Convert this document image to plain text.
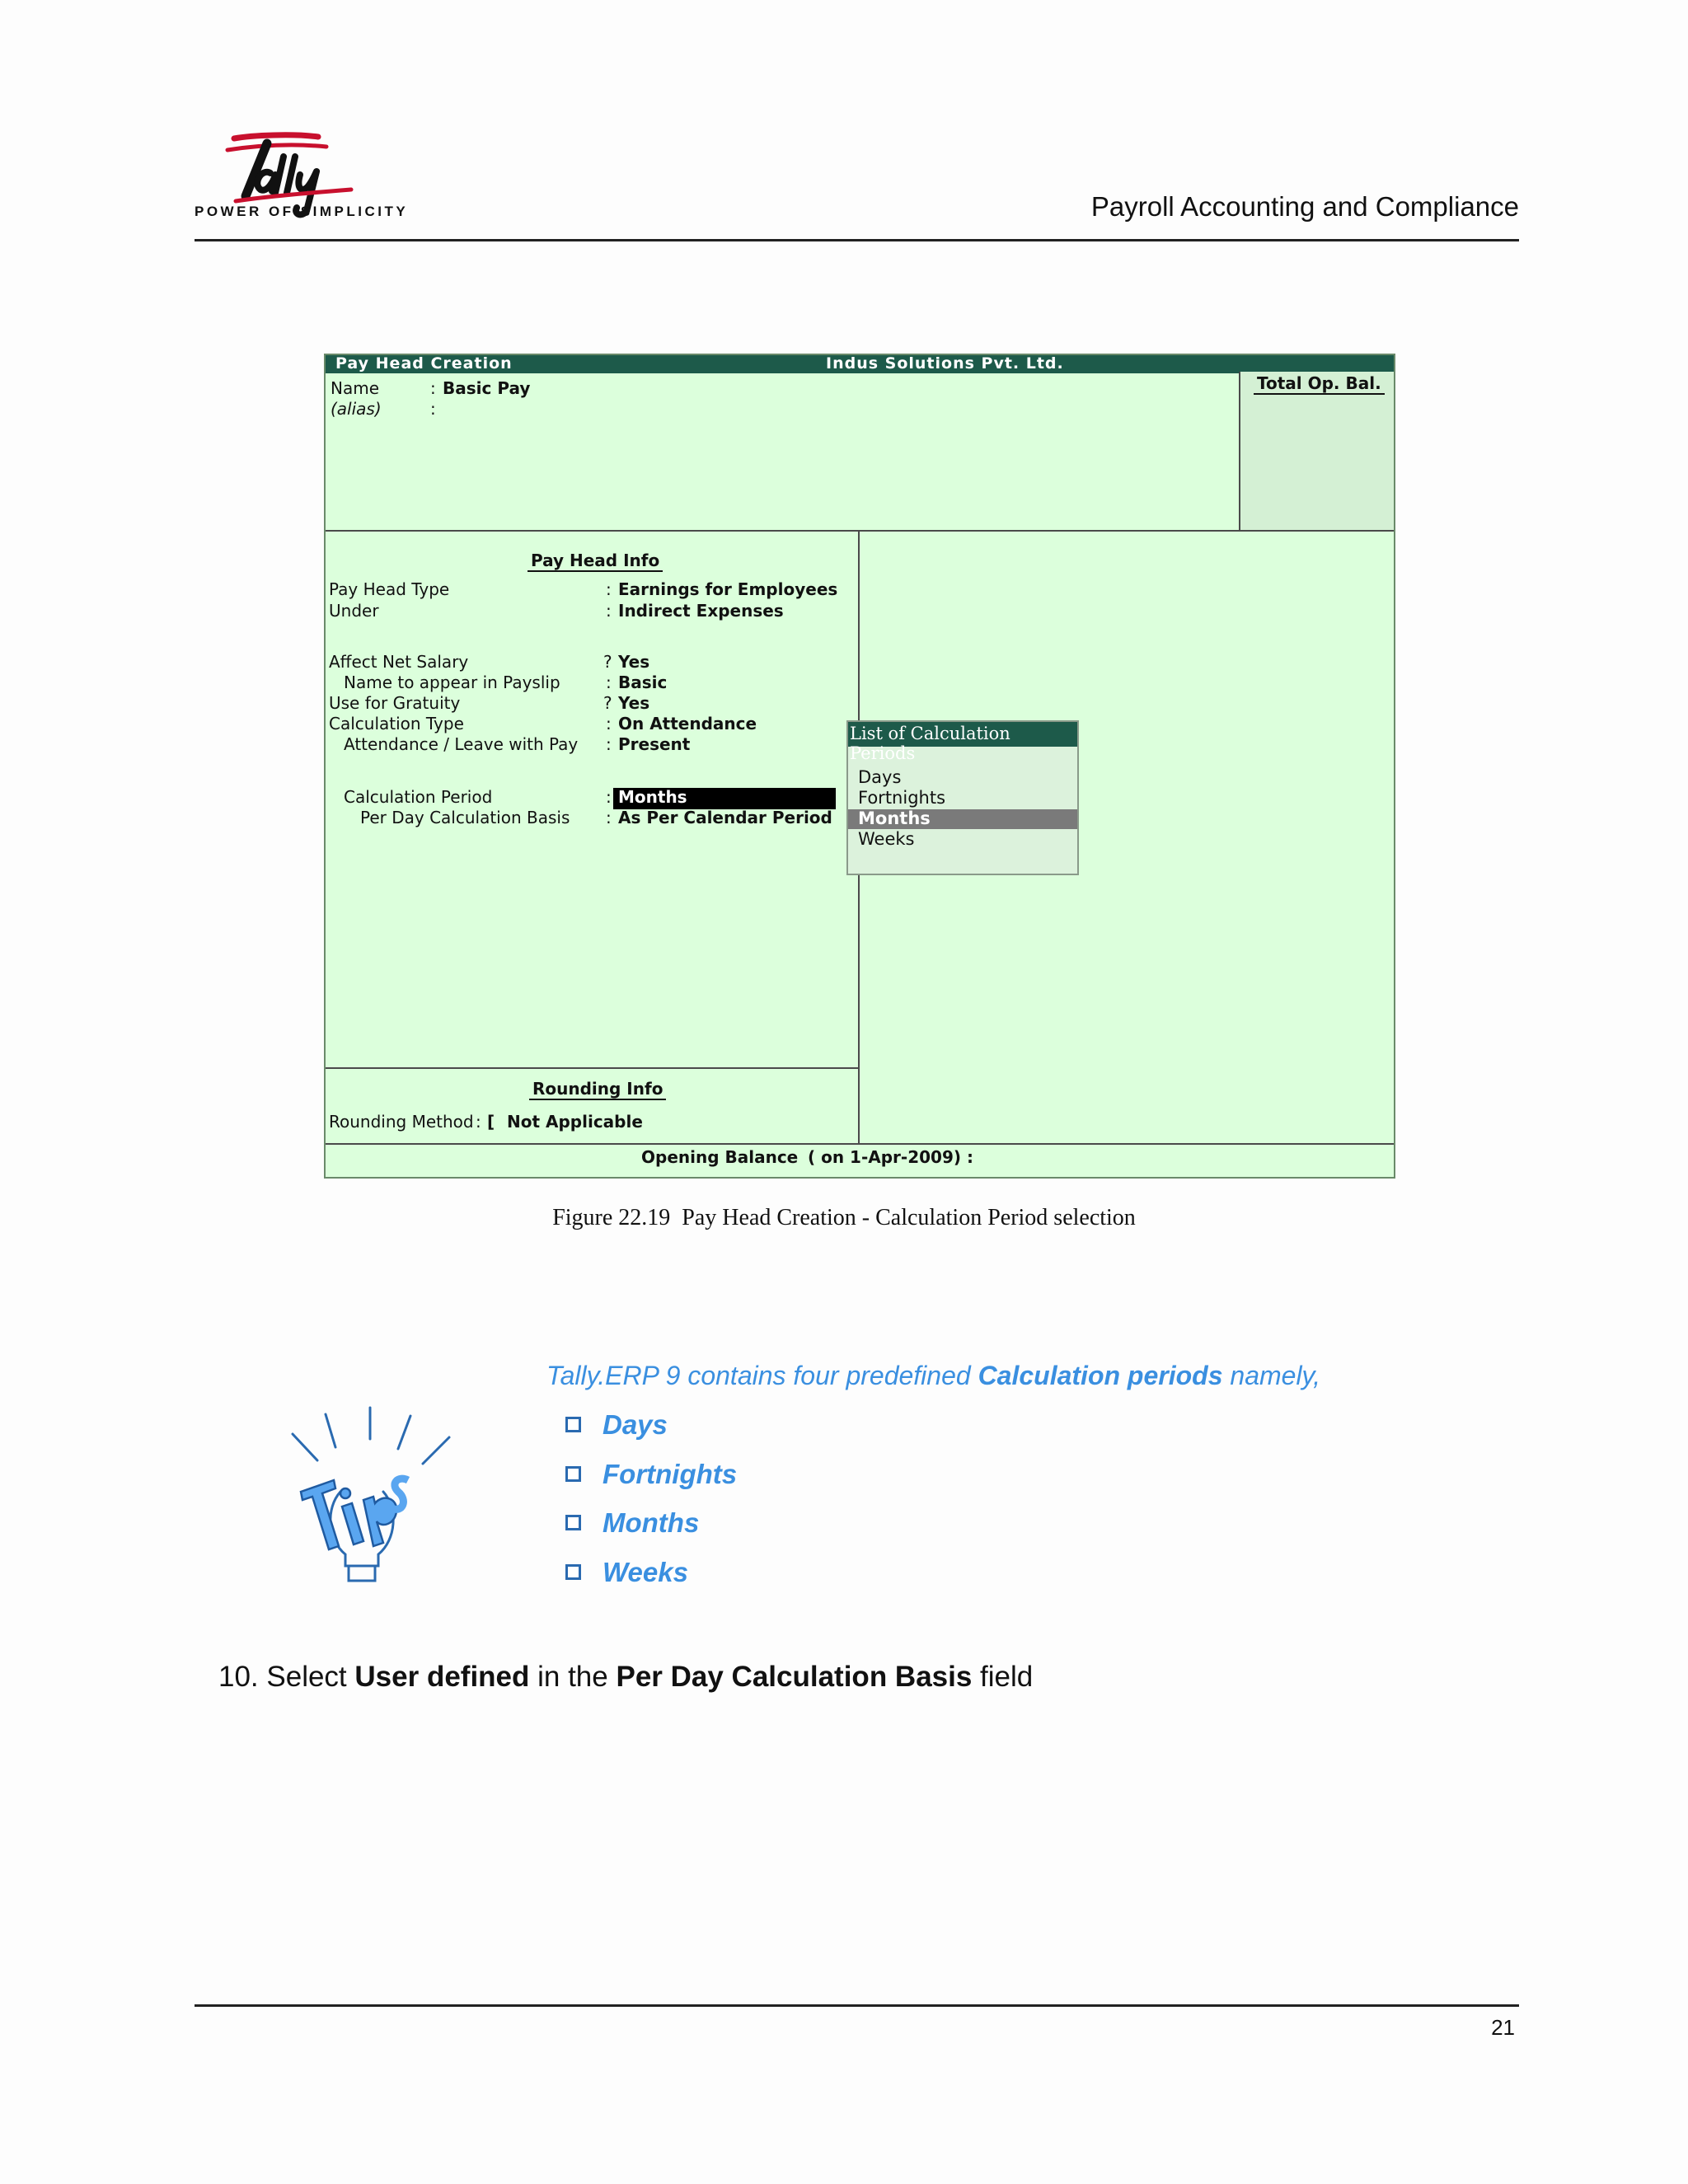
POWER OF SIMPLICITY	Payroll Accounting and Compliance
Pay Head Creation	Indus Solutions Pvt. Ltd.
Total Op. Bal.
Name	: Basic Pay
(alias)	:
Pay Head Info
Pay Head Type	: Earnings for Employees
Under	: Indirect Expenses
Affect Net Salary	? Yes
Name to appear in Payslip	: Basic
Use for Gratuity	? Yes
Calculation Type	: On Attendance
Attendance / Leave with Pay : Present
Calculation Period	: Months
Per Day Calculation Basis : As Per Calendar Period
Rounding Info
Rounding Method : [ Not Applicable
Opening Balance ( on 1-Apr-2009) :
List of Calculation Periods
Days
Fortnights
Months
Weeks
Figure 22.19 Pay Head Creation - Calculation Period selection
Tally.ERP 9 contains four predefined Calculation periods namely,
Days
Fortnights
Months
Weeks
10. Select User defined in the Per Day Calculation Basis field
21
